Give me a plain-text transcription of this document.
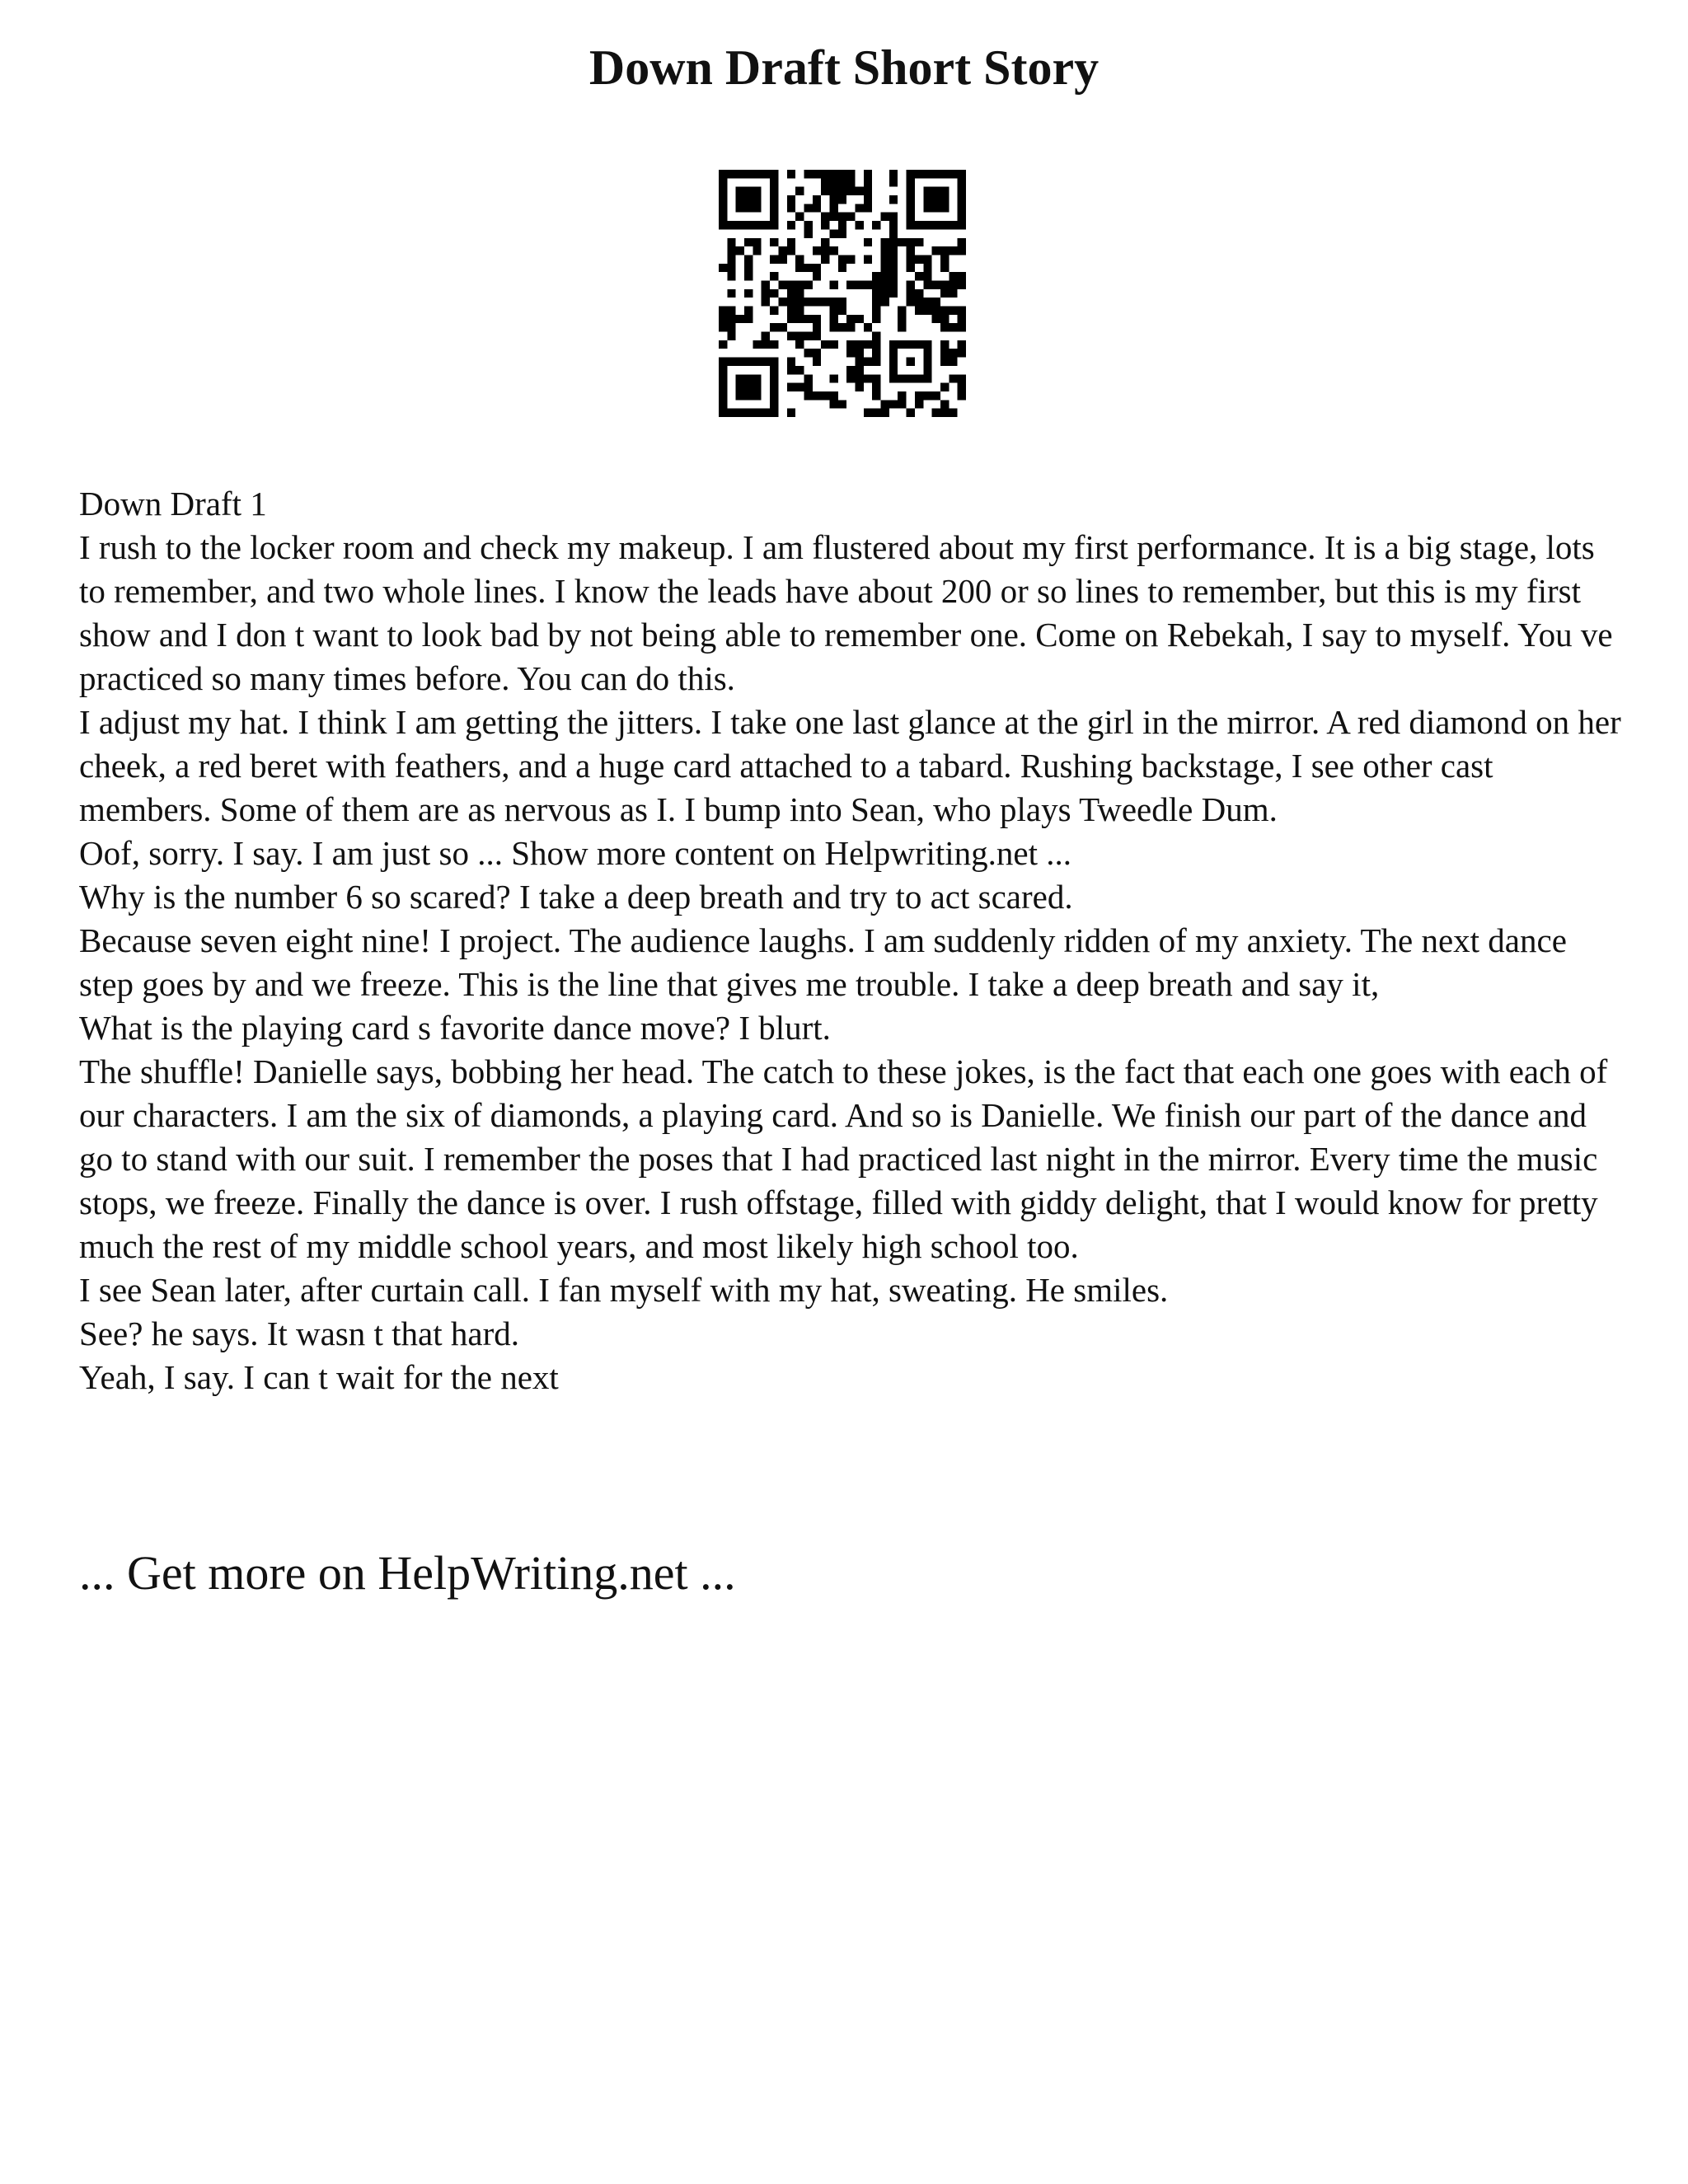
Down Draft Short Story

Down Draft 1

I rush to the locker room and check my makeup. I am flustered about my first performance. It is a big stage, lots to remember, and two whole lines. I know the leads have about 200 or so lines to remember, but this is my first show and I don t want to look bad by not being able to remember one. Come on Rebekah, I say to myself. You ve practiced so many times before. You can do this.

I adjust my hat. I think I am getting the jitters. I take one last glance at the girl in the mirror. A red diamond on her cheek, a red beret with feathers, and a huge card attached to a tabard. Rushing backstage, I see other cast members. Some of them are as nervous as I. I bump into Sean, who plays Tweedle Dum.

Oof, sorry. I say. I am just so ... Show more content on Helpwriting.net ...

Why is the number 6 so scared? I take a deep breath and try to act scared.

Because seven eight nine! I project. The audience laughs. I am suddenly ridden of my anxiety. The next dance step goes by and we freeze. This is the line that gives me trouble. I take a deep breath and say it,

What is the playing card s favorite dance move? I blurt.

The shuffle! Danielle says, bobbing her head. The catch to these jokes, is the fact that each one goes with each of our characters. I am the six of diamonds, a playing card. And so is Danielle. We finish our part of the dance and go to stand with our suit. I remember the poses that I had practiced last night in the mirror. Every time the music stops, we freeze. Finally the dance is over. I rush offstage, filled with giddy delight, that I would know for pretty much the rest of my middle school years, and most likely high school too.

I see Sean later, after curtain call. I fan myself with my hat, sweating. He smiles.

See? he says. It wasn t that hard.

Yeah, I say. I can t wait for the next

... Get more on HelpWriting.net ...
